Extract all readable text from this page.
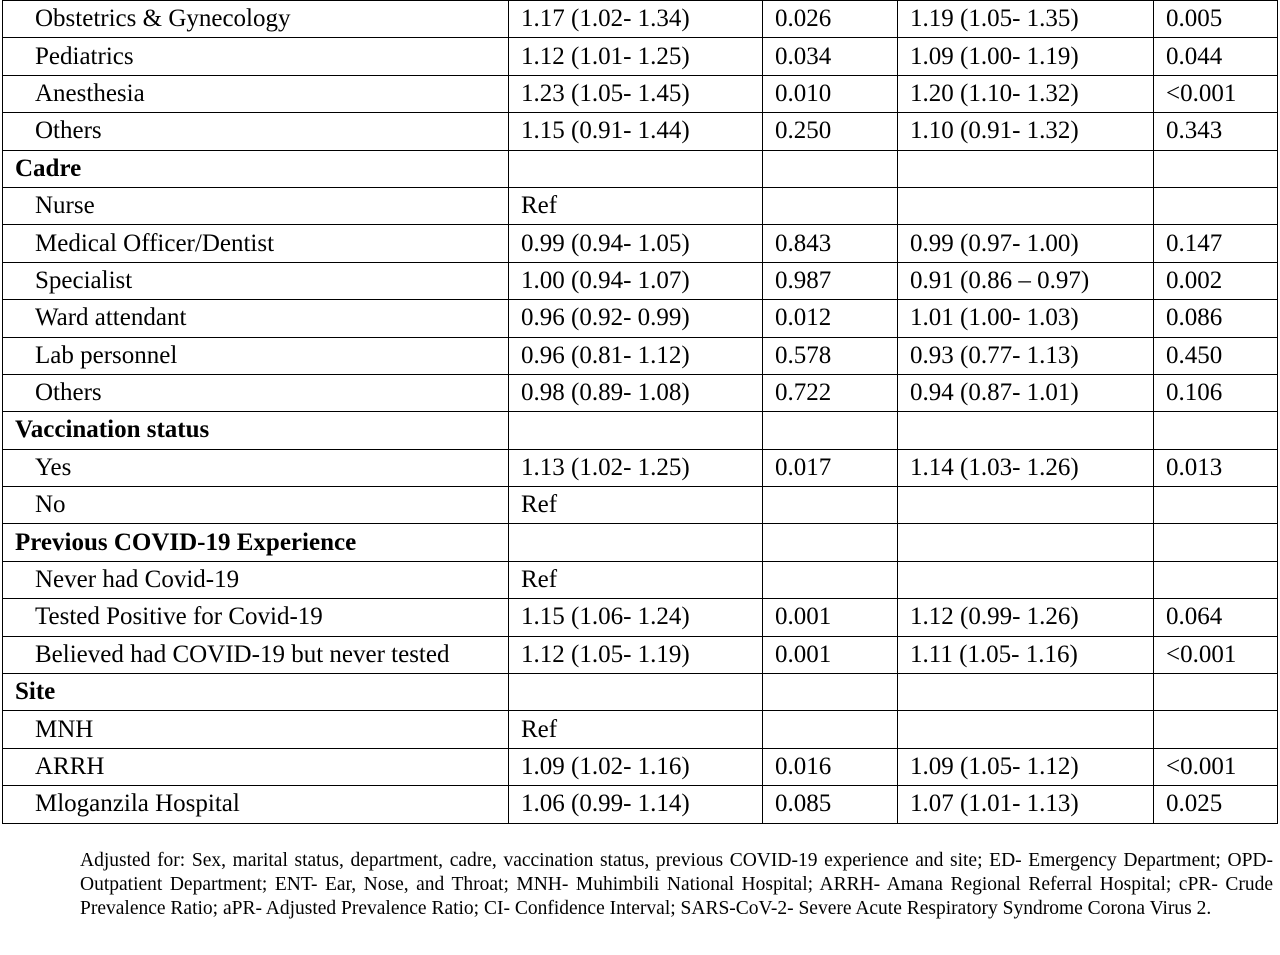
Obstetrics & Gynecology	1.17 (1.02- 1.34)	0.026	1.19 (1.05- 1.35)	0.005
Pediatrics	1.12 (1.01- 1.25)	0.034	1.09 (1.00- 1.19)	0.044
Anesthesia	1.23 (1.05- 1.45)	0.010	1.20 (1.10- 1.32)	<0.001
Others	1.15 (0.91- 1.44)	0.250	1.10 (0.91- 1.32)	0.343
Cadre				
Nurse	Ref			
Medical Officer/Dentist	0.99 (0.94- 1.05)	0.843	0.99 (0.97- 1.00)	0.147
Specialist	1.00 (0.94- 1.07)	0.987	0.91 (0.86 – 0.97)	0.002
Ward attendant	0.96 (0.92- 0.99)	0.012	1.01 (1.00- 1.03)	0.086
Lab personnel	0.96 (0.81- 1.12)	0.578	0.93 (0.77- 1.13)	0.450
Others	0.98 (0.89- 1.08)	0.722	0.94 (0.87- 1.01)	0.106
Vaccination status				
Yes	1.13 (1.02- 1.25)	0.017	1.14 (1.03- 1.26)	0.013
No	Ref			
Previous COVID-19 Experience				
Never had Covid-19	Ref			
Tested Positive for Covid-19	1.15 (1.06- 1.24)	0.001	1.12 (0.99- 1.26)	0.064
Believed had COVID-19 but never tested	1.12 (1.05- 1.19)	0.001	1.11 (1.05- 1.16)	<0.001
Site				
MNH	Ref			
ARRH	1.09 (1.02- 1.16)	0.016	1.09 (1.05- 1.12)	<0.001
Mloganzila Hospital	1.06 (0.99- 1.14)	0.085	1.07 (1.01- 1.13)	0.025
Adjusted for: Sex, marital status, department, cadre, vaccination status, previous COVID-19 experience and site; ED- Emergency Department; OPD- Outpatient Department; ENT- Ear, Nose, and Throat; MNH- Muhimbili National Hospital; ARRH- Amana Regional Referral Hospital; cPR- Crude Prevalence Ratio; aPR- Adjusted Prevalence Ratio; CI- Confidence Interval; SARS-CoV-2- Severe Acute Respiratory Syndrome Corona Virus 2.
